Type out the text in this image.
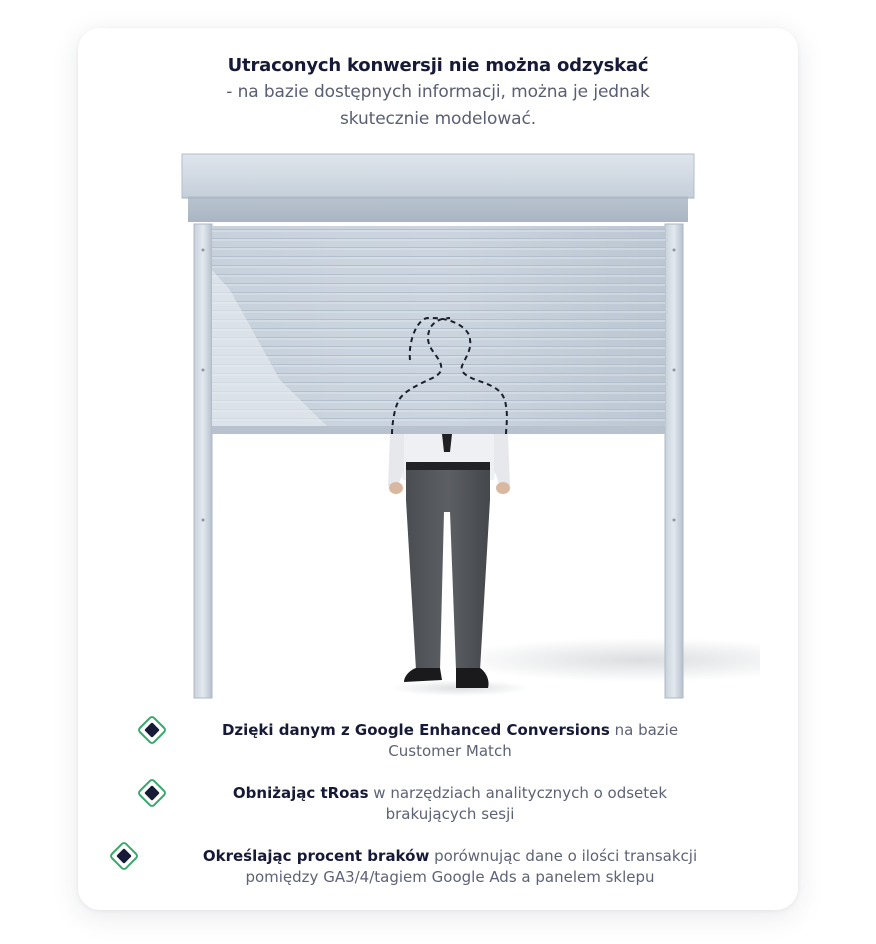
Utraconych konwersji nie można odzyskać
- na bazie dostępnych informacji, można je jednak
skutecznie modelować.
Dzięki danym z Google Enhanced Conversions na bazie
Customer Match
Obniżając tRoas w narzędziach analitycznych o odsetek
brakujących sesji
Określając procent braków porównując dane o ilości transakcji
pomiędzy GA3/4/tagiem Google Ads a panelem sklepu
